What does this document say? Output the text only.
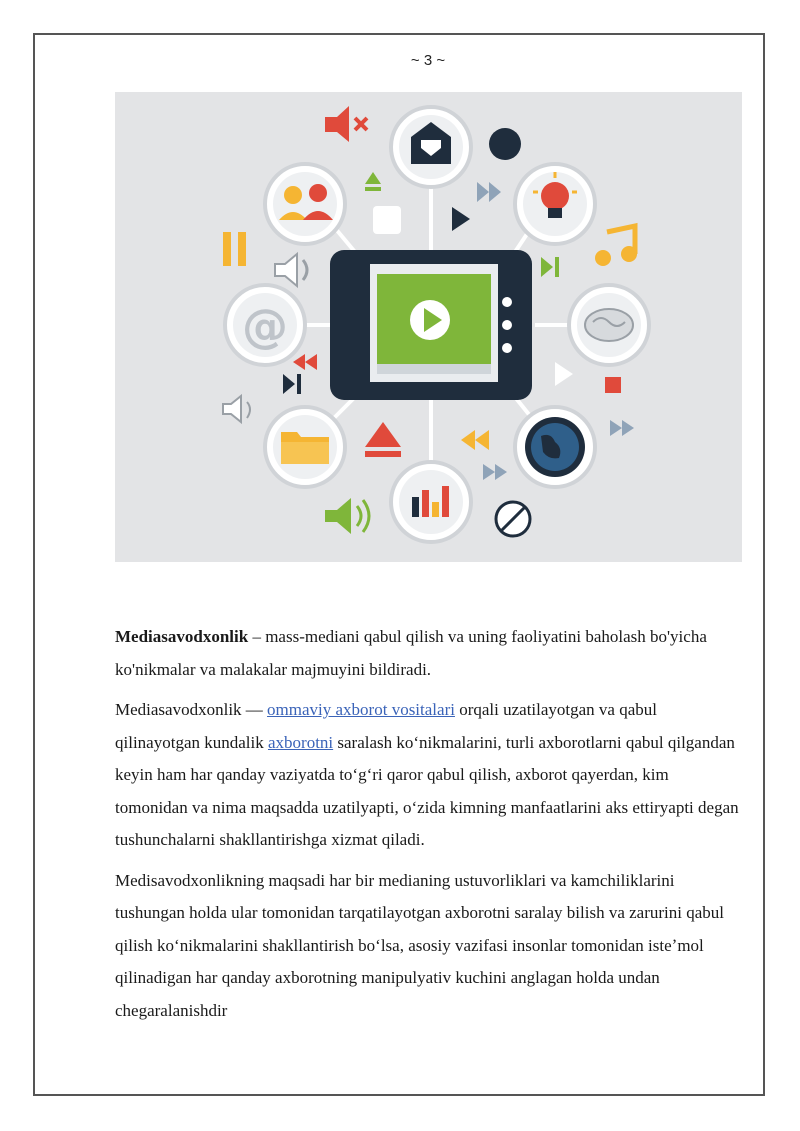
~ 3 ~
@

Mediasavodxonlik – mass-mediani qabul qilish va uning faoliyatini baholash bo'yicha ko'nikmalar va malakalar majmuyini bildiradi.

Mediasavodxonlik — ommaviy axborot vositalari orqali uzatilayotgan va qabul qilinayotgan kundalik axborotni saralash koʻnikmalarini, turli axborotlarni qabul qilgandan keyin ham har qanday vaziyatda toʻgʻri qaror qabul qilish, axborot qayerdan, kim tomonidan va nima maqsadda uzatilyapti, oʻzida kimning manfaatlarini aks ettiryapti degan tushunchalarni shakllantirishga xizmat qiladi.

Medisavodxonlikning maqsadi har bir medianing ustuvorliklari va kamchiliklarini tushungan holda ular tomonidan tarqatilayotgan axborotni saralay bilish va zarurini qabul qilish koʻnikmalarini shakllantirish boʻlsa, asosiy vazifasi insonlar tomonidan isteʼmol qilinadigan har qanday axborotning manipulyativ kuchini anglagan holda undan chegaralanishdir
